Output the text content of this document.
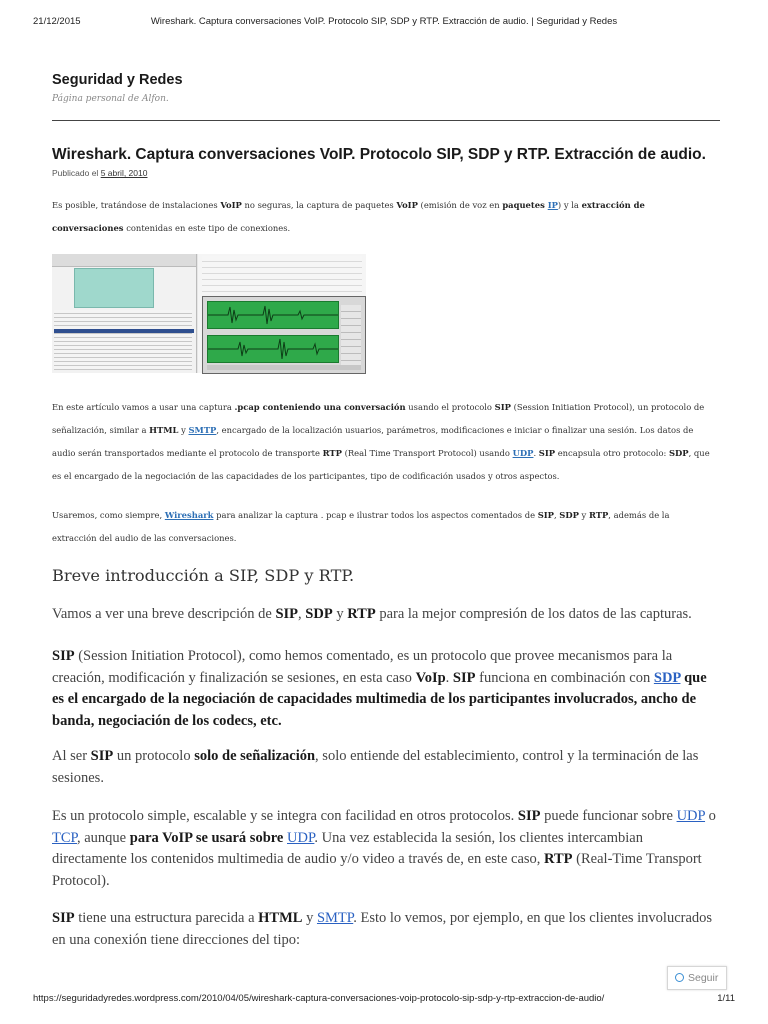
21/12/2015	Wireshark. Captura conversaciones VoIP. Protocolo SIP, SDP y RTP. Extracción de audio. | Seguridad y Redes
Seguridad y Redes
Página personal de Alfon.
Wireshark. Captura conversaciones VoIP. Protocolo SIP, SDP y RTP. Extracción de audio.
Publicado el 5 abril, 2010

Es posible, tratándose de instalaciones VoIP no seguras, la captura de paquetes VoIP (emisión de voz en paquetes IP) y la extracción de conversaciones contenidas en este tipo de conexiones.

En este artículo vamos a usar una captura .pcap conteniendo una conversación usando el protocolo SIP (Session Initiation Protocol), un protocolo de señalización, similar a HTML y SMTP, encargado de la localización usuarios, parámetros, modificaciones e iniciar o finalizar una sesión. Los datos de audio serán transportados mediante el protocolo de transporte RTP (Real Time Transport Protocol) usando UDP. SIP encapsula otro protocolo: SDP, que es el encargado de la negociación de las capacidades de los participantes, tipo de codificación usados y otros aspectos.

Usaremos, como siempre, Wireshark para analizar la captura . pcap e ilustrar todos los aspectos comentados de SIP, SDP y RTP, además de la extracción del audio de las conversaciones.

Breve introducción a SIP, SDP y RTP.

Vamos a ver una breve descripción de SIP, SDP y RTP para la mejor compresión de los datos de las capturas.

SIP (Session Initiation Protocol), como hemos comentado, es un protocolo que provee mecanismos para la creación, modificación y finalización se sesiones, en esta caso VoIp. SIP funciona en combinación con SDP que es el encargado de la negociación de capacidades multimedia de los participantes involucrados, ancho de banda, negociación de los codecs, etc.

Al ser SIP un protocolo solo de señalización, solo entiende del establecimiento, control y la terminación de las sesiones.

Es un protocolo simple, escalable y se integra con facilidad en otros protocolos. SIP puede funcionar sobre UDP o TCP, aunque para VoIP se usará sobre UDP. Una vez establecida la sesión, los clientes intercambian directamente los contenidos multimedia de audio y/o video a través de, en este caso, RTP (Real-Time Transport Protocol).

SIP tiene una estructura parecida a HTML y SMTP. Esto lo vemos, por ejemplo, en que los clientes involucrados en una conexión tiene direcciones del tipo:

Seguir
https://seguridadyredes.wordpress.com/2010/04/05/wireshark-captura-conversaciones-voip-protocolo-sip-sdp-y-rtp-extraccion-de-audio/	1/11
